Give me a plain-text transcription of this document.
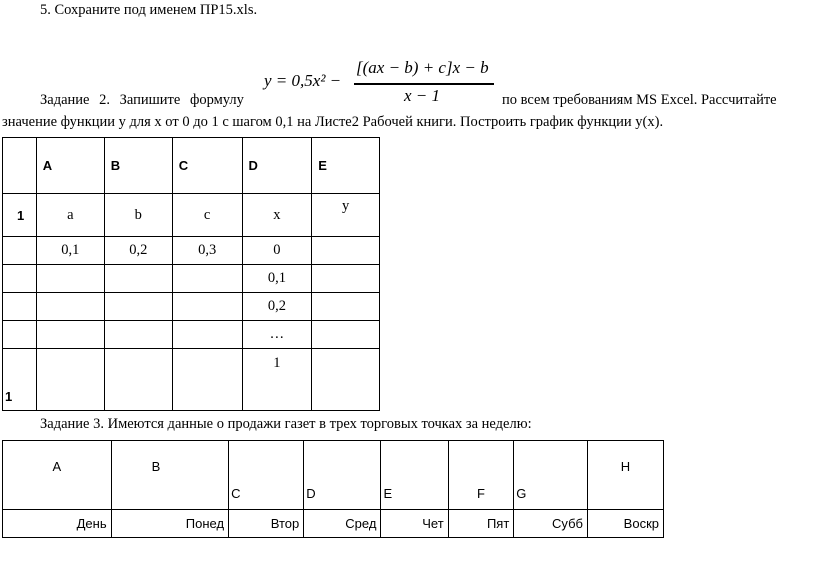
5. Сохраните под именем ПР15.xls.
Задание 2. Запишите формулу
y = 0,5x² −
[(ax − b) + c]x − b
x − 1	по всем требованиям MS Excel. Рассчитайте
значение функции y для x от 0 до 1 с шагом 0,1 на Листе2 Рабочей книги. Построить график функции y(x).
	A	B	C	D	E
1	a	b	c	x	y
	0,1	0,2	0,3	0	
				0,1	
				0,2	
				…	
1				1	
Задание 3. Имеются данные о продажи газет в трех торговых точках за неделю:
A	B	C	D	E	F	G	H
День	Понед	Втор	Сред	Чет	Пят	Субб	Воскр
